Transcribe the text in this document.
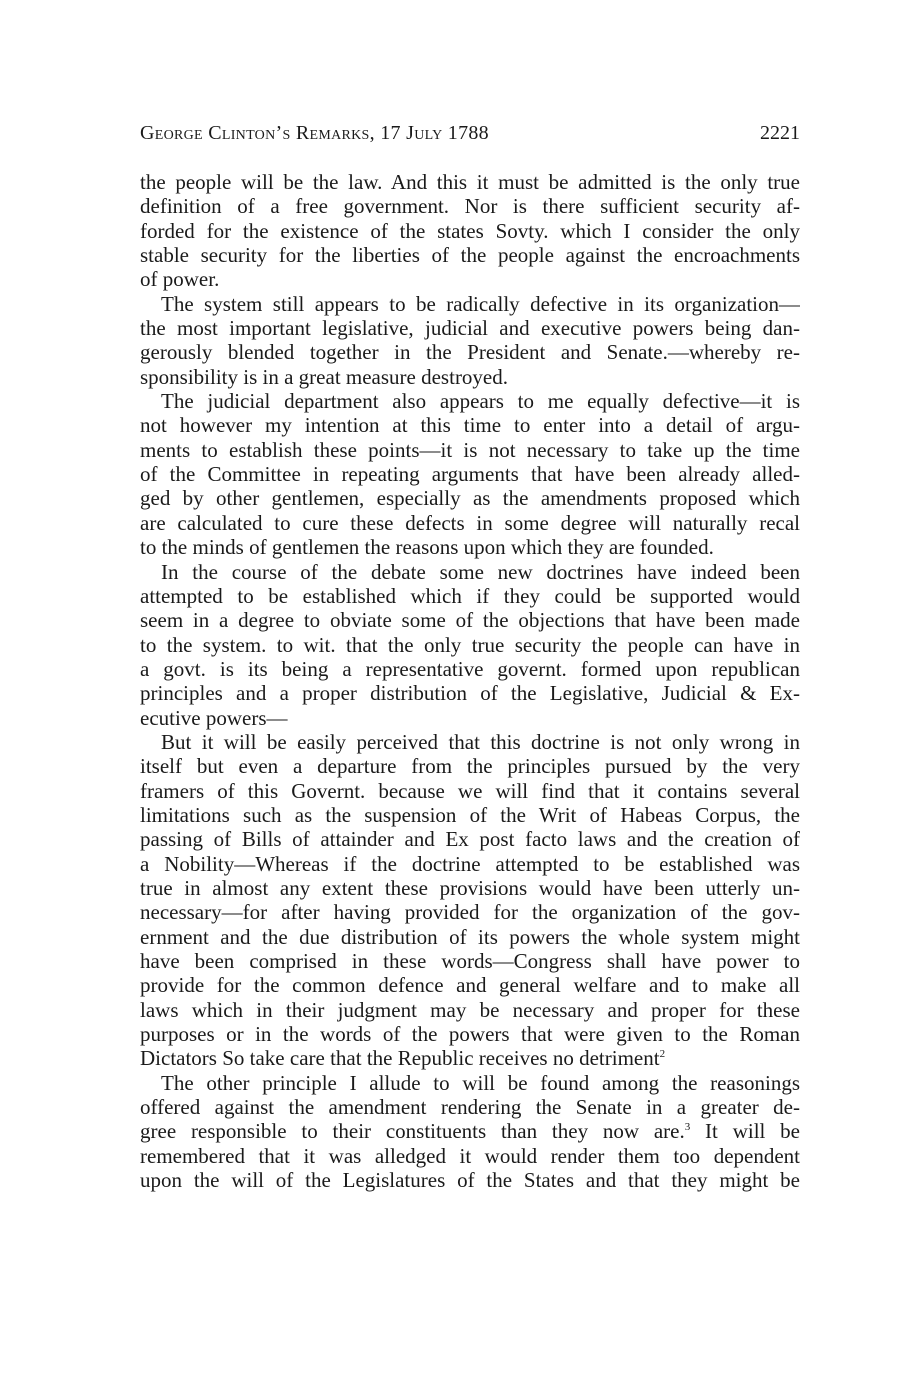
George Clinton’s Remarks, 17 July 1788	2221

the people will be the law. And this it must be admitted is the only true
definition of a free government. Nor is there sufficient security af-
forded for the existence of the states Sovty. which I consider the only
stable security for the liberties of the people against the encroachments
of power.

The system still appears to be radically defective in its organization—
the most important legislative, judicial and executive powers being dan-
gerously blended together in the President and Senate.—whereby re-
sponsibility is in a great measure destroyed.

The judicial department also appears to me equally defective—it is
not however my intention at this time to enter into a detail of argu-
ments to establish these points—it is not necessary to take up the time
of the Committee in repeating arguments that have been already alled-
ged by other gentlemen, especially as the amendments proposed which
are calculated to cure these defects in some degree will naturally recal
to the minds of gentlemen the reasons upon which they are founded.

In the course of the debate some new doctrines have indeed been
attempted to be established which if they could be supported would
seem in a degree to obviate some of the objections that have been made
to the system. to wit. that the only true security the people can have in
a govt. is its being a representative governt. formed upon republican
principles and a proper distribution of the Legislative, Judicial & Ex-
ecutive powers—

But it will be easily perceived that this doctrine is not only wrong in
itself but even a departure from the principles pursued by the very
framers of this Governt. because we will find that it contains several
limitations such as the suspension of the Writ of Habeas Corpus, the
passing of Bills of attainder and Ex post facto laws and the creation of
a Nobility—Whereas if the doctrine attempted to be established was
true in almost any extent these provisions would have been utterly un-
necessary—for after having provided for the organization of the gov-
ernment and the due distribution of its powers the whole system might
have been comprised in these words—Congress shall have power to
provide for the common defence and general welfare and to make all
laws which in their judgment may be necessary and proper for these
purposes or in the words of the powers that were given to the Roman
Dictators So take care that the Republic receives no detriment$^2$

The other principle I allude to will be found among the reasonings
offered against the amendment rendering the Senate in a greater de-
gree responsible to their constituents than they now are.$^3$ It will be
remembered that it was alledged it would render them too dependent
upon the will of the Legislatures of the States and that they might be
